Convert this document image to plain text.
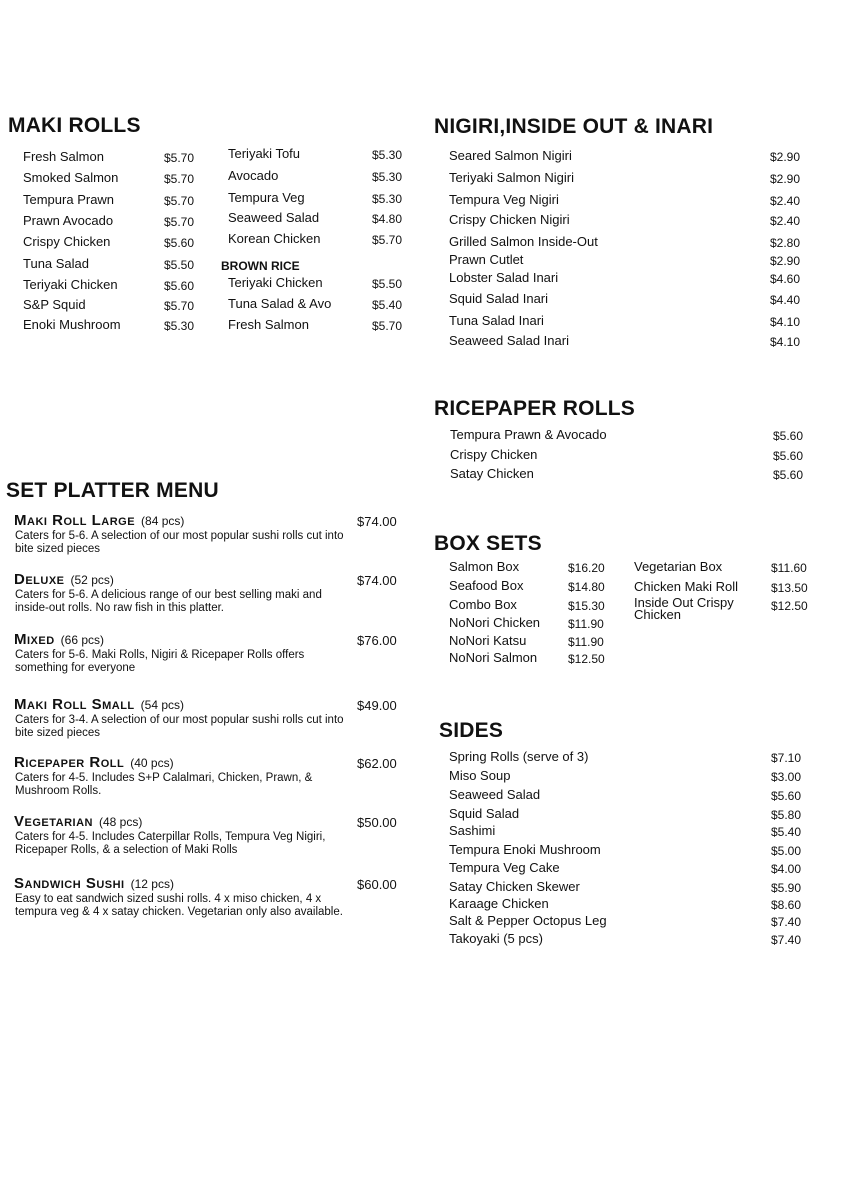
MAKI ROLLS	NIGIRI,INSIDE OUT & INARI
RICEPAPER ROLLS
SET PLATTER MENU
BOX SETS
SIDES
Fresh Salmon	$5.70
Smoked Salmon	$5.70
Tempura Prawn	$5.70
Prawn Avocado	$5.70
Crispy Chicken	$5.60
Tuna Salad	$5.50
Teriyaki Chicken	$5.60
S&P Squid	$5.70
Enoki Mushroom	$5.30
Teriyaki Tofu	$5.30
Avocado	$5.30
Tempura Veg	$5.30
Seaweed Salad	$4.80
Korean Chicken	$5.70
BROWN RICE
Teriyaki Chicken	$5.50
Tuna Salad & Avo	$5.40
Fresh Salmon	$5.70
Seared Salmon Nigiri	$2.90
Teriyaki Salmon Nigiri	$2.90
Tempura Veg Nigiri	$2.40
Crispy Chicken Nigiri	$2.40
Grilled Salmon Inside-Out	$2.80
Prawn Cutlet	$2.90
Lobster Salad Inari	$4.60
Squid Salad Inari	$4.40
Tuna Salad Inari	$4.10
Seaweed Salad Inari	$4.10
Tempura Prawn & Avocado	$5.60
Crispy Chicken	$5.60
Satay Chicken	$5.60
Maki Roll Large (84 pcs)
Caters for 5-6. A selection of our most popular sushi rolls cut into bite sized pieces
$74.00
Deluxe (52 pcs)
Caters for 5-6. A delicious range of our best selling maki and inside-out rolls. No raw fish in this platter.
$74.00
Mixed (66 pcs)
Caters for 5-6. Maki Rolls, Nigiri & Ricepaper Rolls offers something for everyone
$76.00
Maki Roll Small (54 pcs)
Caters for 3-4. A selection of our most popular sushi rolls cut into bite sized pieces
$49.00
Ricepaper Roll (40 pcs)
Caters for 4-5. Includes S+P Calalmari, Chicken, Prawn, & Mushroom Rolls.
$62.00
Vegetarian (48 pcs)
Caters for 4-5. Includes Caterpillar Rolls, Tempura Veg Nigiri, Ricepaper Rolls, & a selection of Maki Rolls
$50.00
Sandwich Sushi (12 pcs)
Easy to eat sandwich sized sushi rolls. 4 x miso chicken, 4 x tempura veg & 4 x satay chicken. Vegetarian only also available.
$60.00
Salmon Box	$16.20
Seafood Box	$14.80
Combo Box	$15.30
NoNori Chicken $11.90
NoNori Katsu	$11.90
NoNori Salmon	$12.50
Vegetarian Box	$11.60
Chicken Maki Roll	$13.50
Inside Out Crispy Chicken
$12.50
Spring Rolls (serve of 3)	$7.10
Miso Soup	$3.00
Seaweed Salad	$5.60
Squid Salad	$5.80
Sashimi	$5.40
Tempura Enoki Mushroom	$5.00
Tempura Veg Cake	$4.00
Satay Chicken Skewer	$5.90
Karaage Chicken	$8.60
Salt & Pepper Octopus Leg	$7.40
Takoyaki (5 pcs)	$7.40
